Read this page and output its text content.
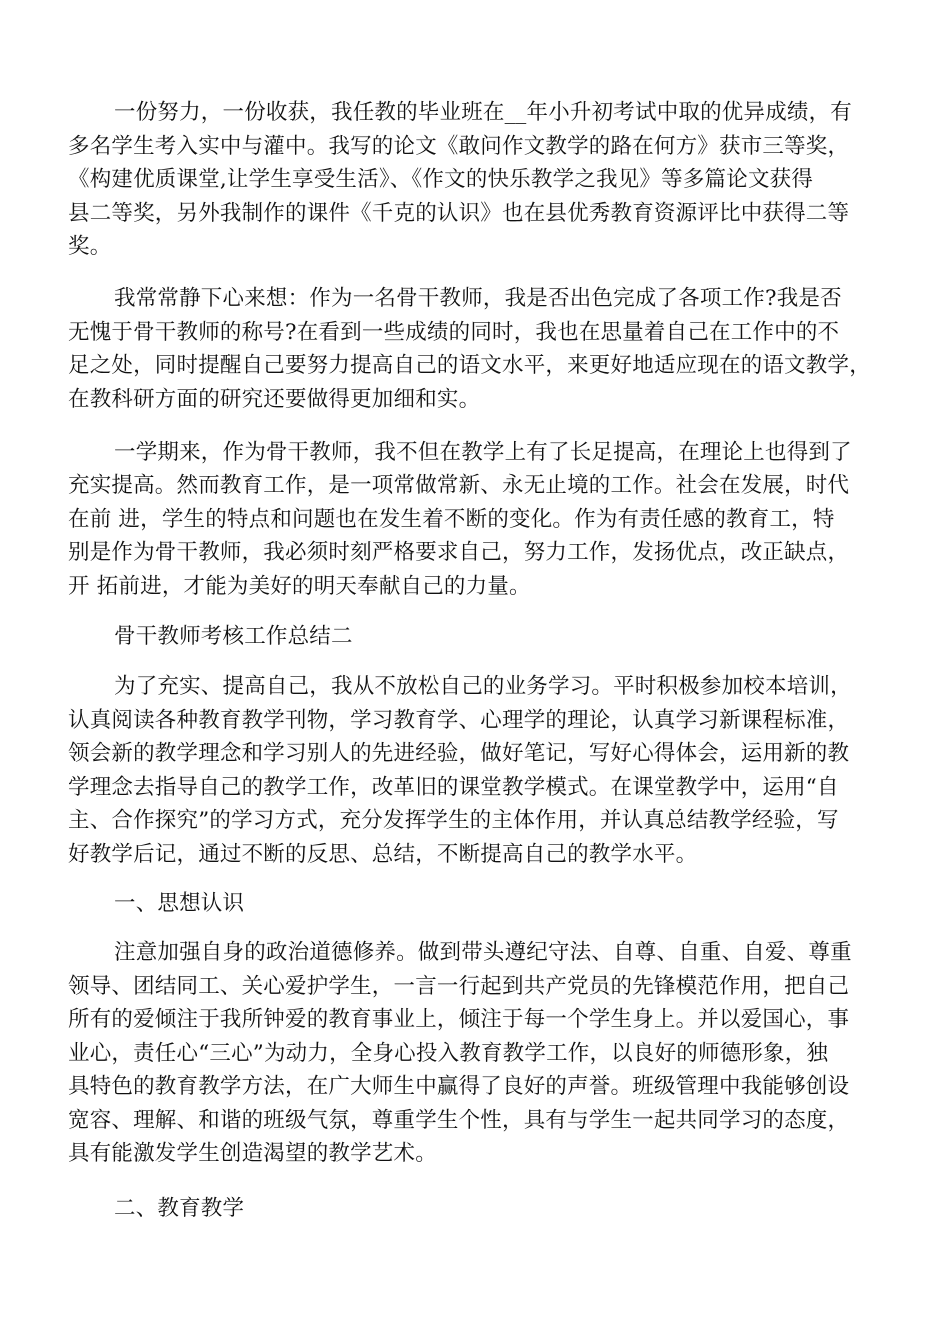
一份努力，一份收获，我任教的毕业班在__年小升初考试中取的优异成绩，有
多名学生考入实中与灌中。我写的论文《敢问作文教学的路在何方》获市三等奖，
《构建优质课堂,让学生享受生活》、《作文的快乐教学之我见》等多篇论文获得
县二等奖，另外我制作的课件《千克的认识》也在县优秀教育资源评比中获得二等
奖。
我常常静下心来想：作为一名骨干教师，我是否出色完成了各项工作?我是否
无愧于骨干教师的称号?在看到一些成绩的同时，我也在思量着自己在工作中的不
足之处，同时提醒自己要努力提高自己的语文水平，来更好地适应现在的语文教学，
在教科研方面的研究还要做得更加细和实。
一学期来，作为骨干教师，我不但在教学上有了长足提高，在理论上也得到了
充实提高。然而教育工作，是一项常做常新、永无止境的工作。社会在发展，时代
在前 进，学生的特点和问题也在发生着不断的变化。作为有责任感的教育工，特
别是作为骨干教师，我必须时刻严格要求自己，努力工作，发扬优点，改正缺点，
开 拓前进，才能为美好的明天奉献自己的力量。
骨干教师考核工作总结二
为了充实、提高自己，我从不放松自己的业务学习。平时积极参加校本培训，
认真阅读各种教育教学刊物，学习教育学、心理学的理论，认真学习新课程标准，
领会新的教学理念和学习别人的先进经验，做好笔记，写好心得体会，运用新的教
学理念去指导自己的教学工作，改革旧的课堂教学模式。在课堂教学中，运用“自
主、合作探究”的学习方式，充分发挥学生的主体作用，并认真总结教学经验，写
好教学后记，通过不断的反思、总结，不断提高自己的教学水平。
一、思想认识
注意加强自身的政治道德修养。做到带头遵纪守法、自尊、自重、自爱、尊重
领导、团结同工、关心爱护学生，一言一行起到共产党员的先锋模范作用，把自己
所有的爱倾注于我所钟爱的教育事业上，倾注于每一个学生身上。并以爱国心，事
业心，责任心“三心”为动力，全身心投入教育教学工作，以良好的师德形象，独
具特色的教育教学方法，在广大师生中赢得了良好的声誉。班级管理中我能够创设
宽容、理解、和谐的班级气氛，尊重学生个性，具有与学生一起共同学习的态度，
具有能激发学生创造渴望的教学艺术。
二、教育教学
